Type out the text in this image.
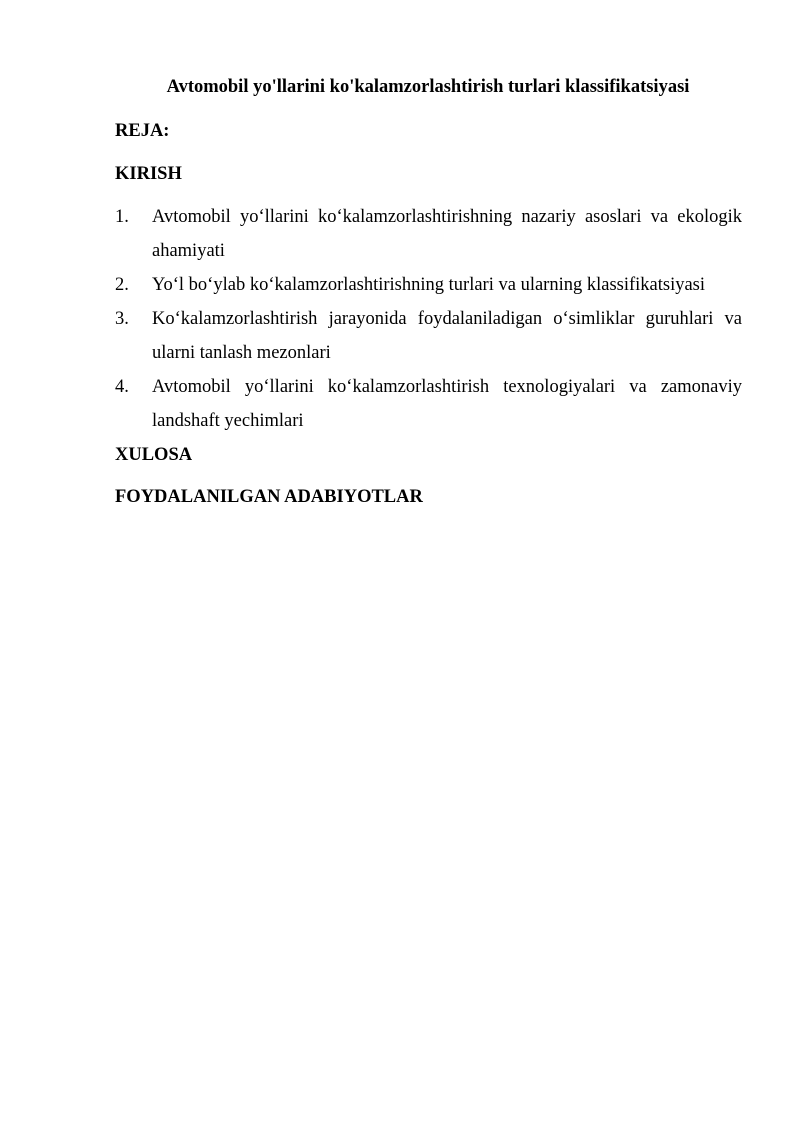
Avtomobil yo'llarini ko'kalamzorlashtirish turlari klassifikatsiyasi
REJA:
KIRISH
1. Avtomobil yo‘llarini ko‘kalamzorlashtirishning nazariy asoslari va ekologik ahamiyati
2. Yo‘l bo‘ylab ko‘kalamzorlashtirishning turlari va ularning klassifikatsiyasi
3. Ko‘kalamzorlashtirish jarayonida foydalaniladigan o‘simliklar guruhlari va ularni tanlash mezonlari
4. Avtomobil yo‘llarini ko‘kalamzorlashtirish texnologiyalari va zamonaviy landshaft yechimlari
XULOSA
FOYDALANILGAN ADABIYOTLAR
